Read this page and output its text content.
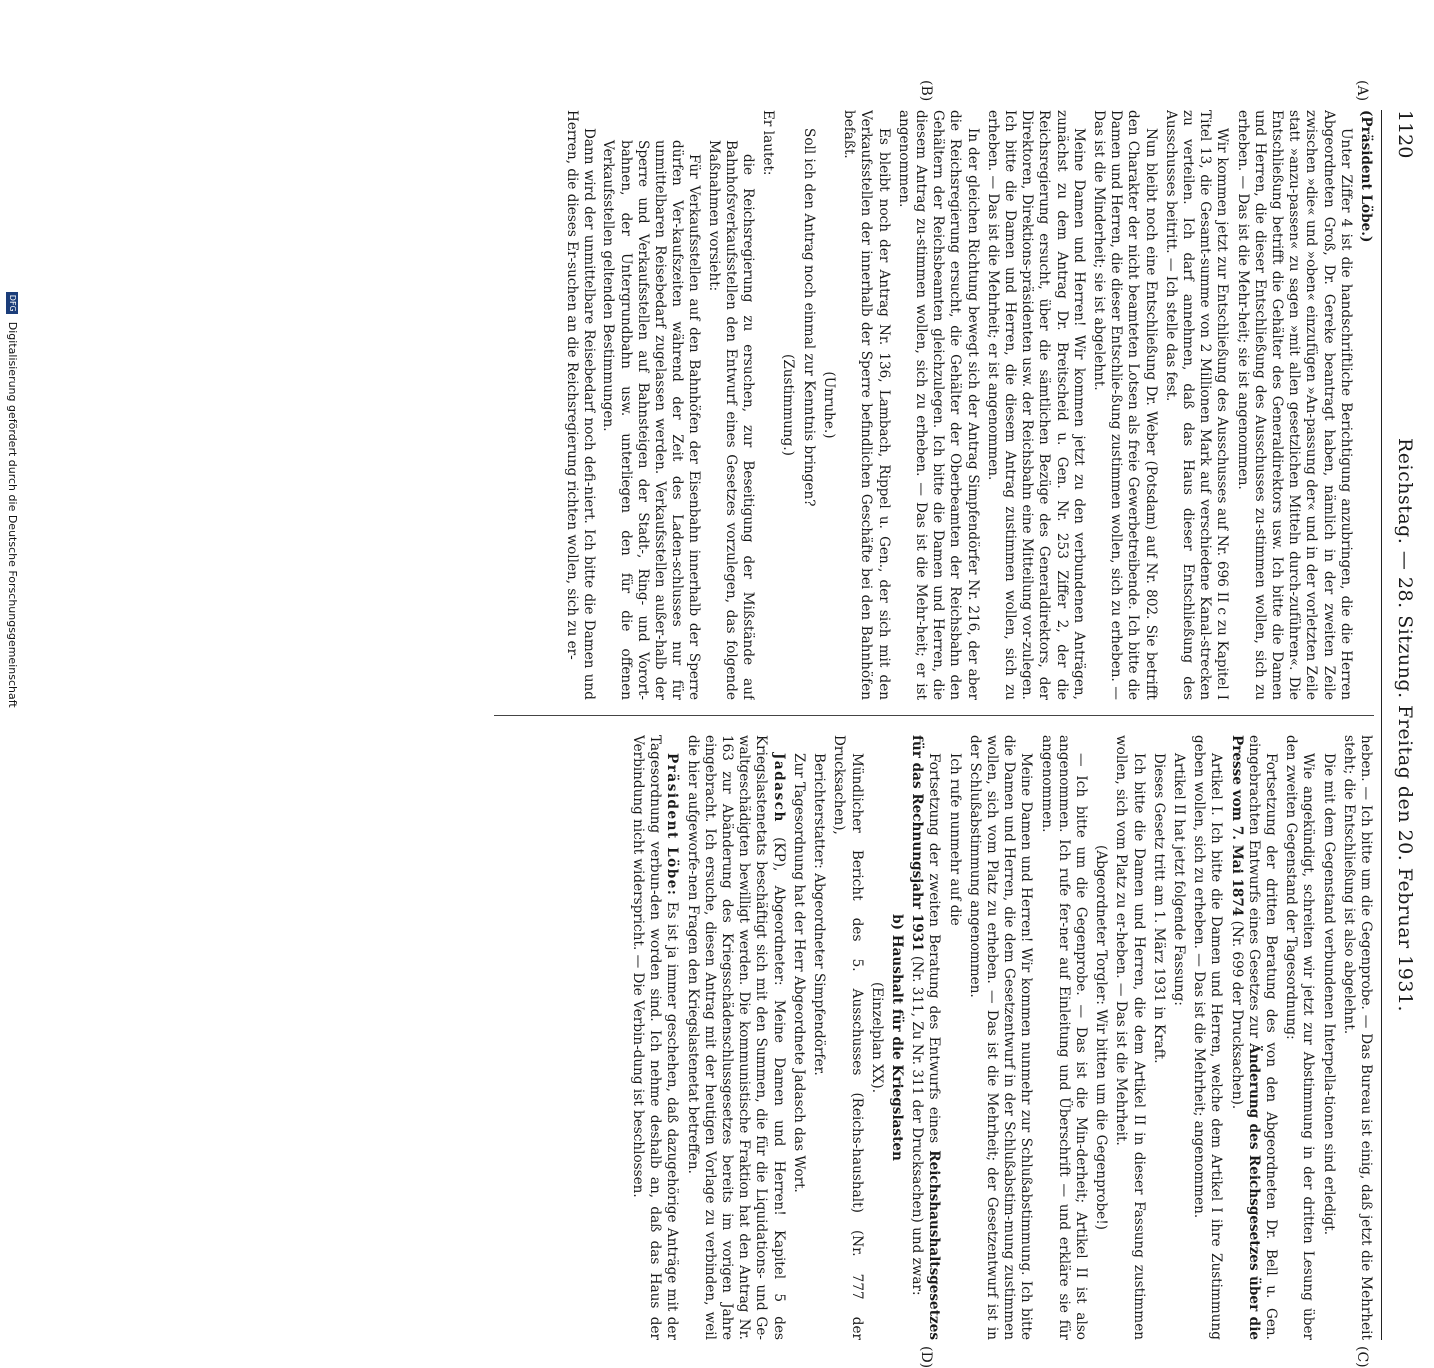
1120
Reichstag. — 28. Sitzung. Freitag den 20. Februar 1931.
(A)
(B)
(C)
(D)

(Präsident Löbe.)

Unter Ziffer 4 ist die handschriftliche Berichtigung anzubringen, die die Herren Abgeordneten Groß, Dr. Gereke beantragt haben, nämlich in der zweiten Zeile zwischen »die« und »oben« einzufügen »An-passung der« und in der vorletzten Zeile statt »anzu-passen« zu sagen »mit allen gesetzlichen Mitteln durch-zuführen«. Die Entschließung betrifft die Gehälter des Generaldirektors usw. Ich bitte die Damen und Herren, die dieser Entschließung des Ausschusses zu-stimmen wollen, sich zu erheben. — Das ist die Mehr-heit; sie ist angenommen.

Wir kommen jetzt zur Entschließung des Ausschusses auf Nr. 696 II c zu Kapitel I Titel 13, die Gesamt-summe von 2 Millionen Mark auf verschiedene Kanal-strecken zu verteilen. Ich darf annehmen, daß das Haus dieser Entschließung des Ausschusses beitritt. — Ich stelle das fest.

Nun bleibt noch eine Entschließung Dr. Weber (Potsdam) auf Nr. 802. Sie betrifft den Charakter der nicht beamteten Lotsen als freie Gewerbetreibende. Ich bitte die Damen und Herren, die dieser Entschlie-ßung zustimmen wollen, sich zu erheben. — Das ist die Minderheit; sie ist abgelehnt.

Meine Damen und Herren! Wir kommen jetzt zu den verbundenen Anträgen, zunächst zu dem Antrag Dr. Breitscheid u. Gen. Nr. 253 Ziffer 2, der die Reichsregierung ersucht, über die sämtlichen Bezüge des Generaldirektors, der Direktoren, Direktions-präsidenten usw. der Reichsbahn eine Mitteilung vor-zulegen. Ich bitte die Damen und Herren, die diesem Antrag zustimmen wollen, sich zu erheben. — Das ist die Mehrheit; er ist angenommen.

In der gleichen Richtung bewegt sich der Antrag Simpfendörfer Nr. 216, der aber die Reichsregierung ersucht, die Gehälter der Oberbeamten der Reichsbahn den Gehältern der Reichsbeamten gleichzulegen. Ich bitte die Damen und Herren, die diesem Antrag zu-stimmen wollen, sich zu erheben. — Das ist die Mehr-heit; er ist angenommen.

Es bleibt noch der Antrag Nr. 136, Lambach, Rippel u. Gen., der sich mit den Verkaufsstellen der innerhalb der Sperre befindlichen Geschäfte bei den Bahnhöfen befaßt.

(Unruhe.)

Soll ich den Antrag noch einmal zur Kenntnis bringen?

(Zustimmung.)

Er lautet:

die Reichsregierung zu ersuchen, zur Beseitigung der Mißstände auf Bahnhofsverkaufsstellen den Entwurf eines Gesetzes vorzulegen, das folgende Maßnahmen vorsieht:

Für Verkaufsstellen auf den Bahnhöfen der Eisenbahn innerhalb der Sperre dürfen Ver-kaufszeiten während der Zeit des Laden-schlusses nur für unmittelbaren Reisebedarf zugelassen werden. Verkaufsstellen außer-halb der Sperre und Verkaufsstellen auf Bahnsteigen der Stadt-, Ring- und Vorort-bahnen, der Untergrundbahn usw. unterliegen den für die offenen Verkaufsstellen geltenden Bestimmungen.

Dann wird der unmittelbare Reisebedarf noch defi-niert. Ich bitte die Damen und Herren, die dieses Er-suchen an die Reichsregierung richten wollen, sich zu er-

heben. — Ich bitte um die Gegenprobe. — Das Bureau ist einig, daß jetzt die Mehrheit steht; die Entschließung ist also abgelehnt.

Die mit dem Gegenstand verbundenen Interpella-tionen sind erledigt.

Wie angekündigt, schreiten wir jetzt zur Abstimmung in der dritten Lesung über den zweiten Gegenstand der Tagesordnung:

Fortsetzung der dritten Beratung des von den Abgeordneten Dr. Bell u. Gen. eingebrachten Entwurfs eines Gesetzes zur Änderung des Reichsgesetzes über die Presse vom 7. Mai 1874 (Nr. 699 der Drucksachen).

Artikel I. Ich bitte die Damen und Herren, welche dem Artikel I ihre Zustimmung geben wollen, sich zu erheben. — Das ist die Mehrheit; angenommen.

Artikel II hat jetzt folgende Fassung:

Dieses Gesetz tritt am 1. März 1931 in Kraft.

Ich bitte die Damen und Herren, die dem Artikel II in dieser Fassung zustimmen wollen, sich vom Platz zu er-heben. — Das ist die Mehrheit.

(Abgeordneter Torgler: Wir bitten um die Gegenprobe!)

— Ich bitte um die Gegenprobe. — Das ist die Min-derheit; Artikel II ist also angenommen. Ich rufe fer-ner auf Einleitung und Überschrift — und erkläre sie für angenommen.

Meine Damen und Herren! Wir kommen nunmehr zur Schlußabstimmung. Ich bitte die Damen und Herren, die dem Gesetzentwurf in der Schlußabstim-mung zustimmen wollen, sich vom Platz zu erheben. — Das ist die Mehrheit; der Gesetzentwurf ist in der Schlußabstimmung angenommen.

Ich rufe nunmehr auf die

Fortsetzung der zweiten Beratung des Entwurfs eines Reichshaushaltsgesetzes für das Rechnungsjahr 1931 (Nr. 311, Zu Nr. 311 der Drucksachen) und zwar:

b) Haushalt für die Kriegslasten

(Einzelplan XX).

Mündlicher Bericht des 5. Ausschusses (Reichs-haushalt) (Nr. 777 der Drucksachen),

Berichterstatter: Abgeordneter Simpfendörfer.

Zur Tagesordnung hat der Herr Abgeordnete Jadasch das Wort.

Jadasch (KP), Abgeordneter: Meine Damen und Herren! Kapitel 5 des Kriegslastenetats beschäftigt sich mit den Summen, die für die Liquidations- und Ge-waltgeschädigten bewilligt werden. Die kommunistische Fraktion hat den Antrag Nr. 163 zur Abänderung des Kriegsschädenschlussgesetzes bereits im vorigen Jahre eingebracht. Ich ersuche, diesen Antrag mit der heutigen Vorlage zu verbinden, weil die hier aufgeworfe-nen Fragen den Kriegslastenetat betreffen.

Präsident Löbe: Es ist ja immer geschehen, daß dazugehörige Anträge mit der Tagesordnung verbun-den worden sind. Ich nehme deshalb an, daß das Haus der Verbindung nicht widerspricht. — Die Verbin-dung ist beschlossen.

DFG Digitalisierung gefördert durch die Deutsche Forschungsgemeinschaft
